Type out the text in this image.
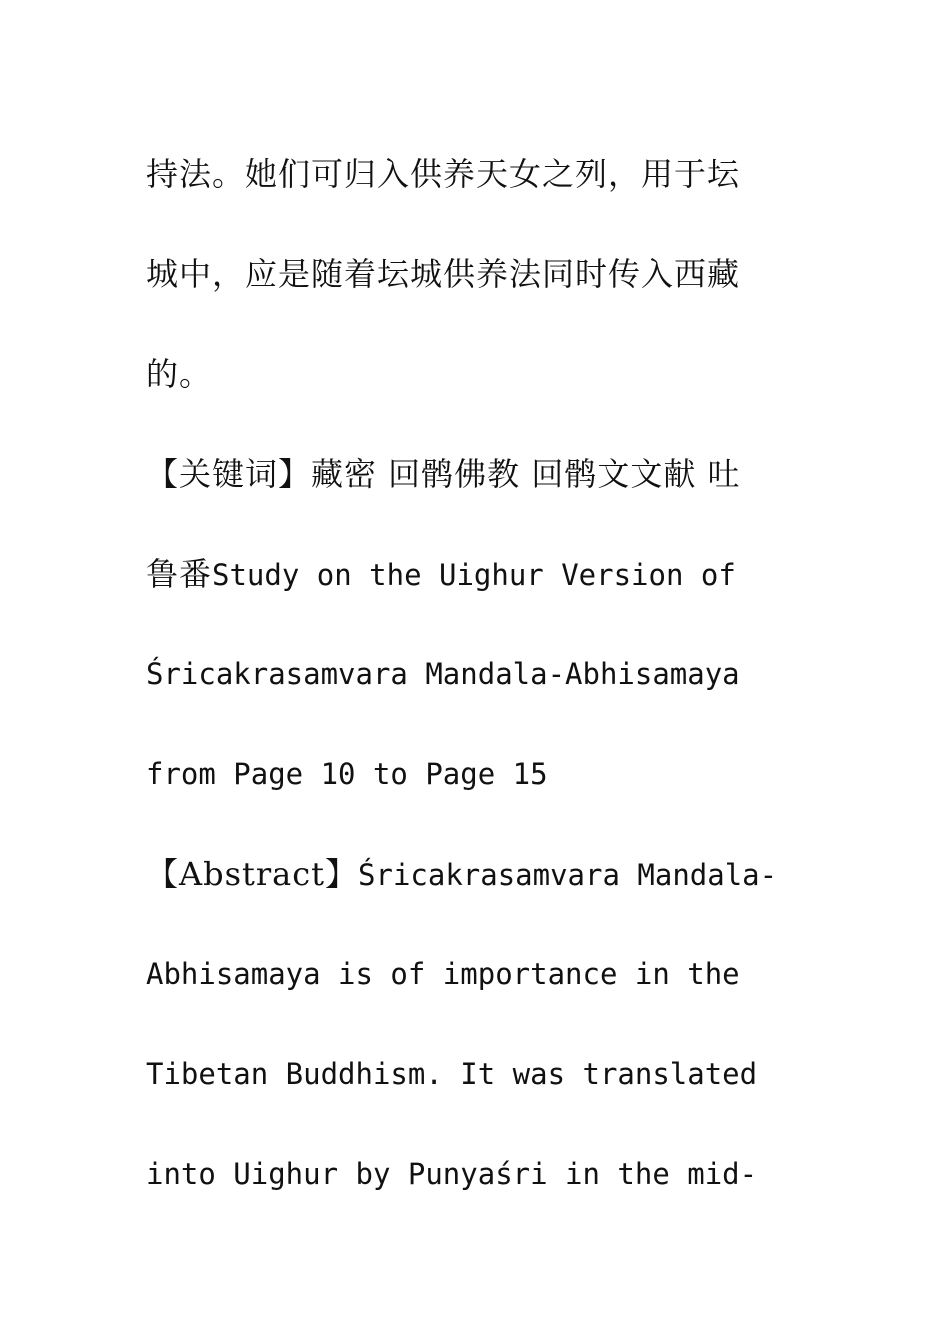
持法。她们可归入供养天女之列，用于坛
城中，应是随着坛城供养法同时传入西藏
的。
【关键词】藏密 回鹘佛教 回鹘文文献 吐
鲁番Study on the Uighur Version of
Śricakrasamvara Mandala-Abhisamaya
from Page 10 to Page 15
【Abstract】Śricakrasamvara Mandala-
Abhisamaya is of importance in the
Tibetan Buddhism. It was translated
into Uighur by Punyaśri in the mid-
